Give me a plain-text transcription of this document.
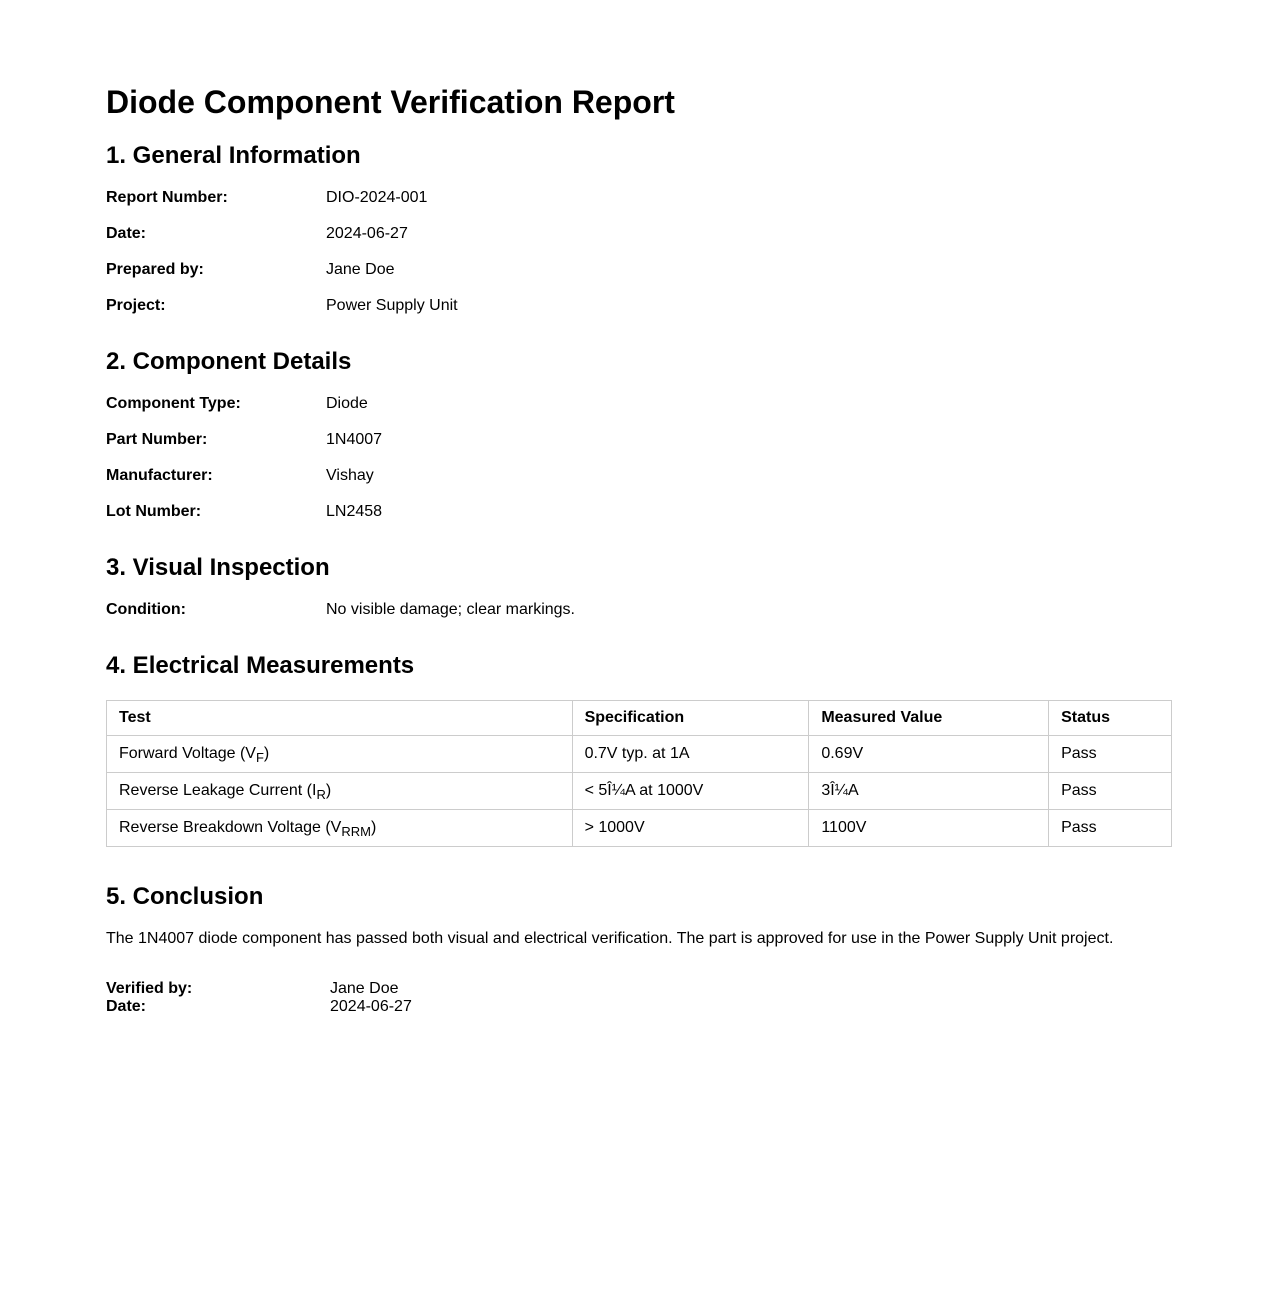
Diode Component Verification Report
1. General Information
Report Number:	DIO-2024-001
Date:	2024-06-27
Prepared by:	Jane Doe
Project:	Power Supply Unit
2. Component Details
Component Type:	Diode
Part Number:	1N4007
Manufacturer:	Vishay
Lot Number:	LN2458
3. Visual Inspection
Condition:	No visible damage; clear markings.
4. Electrical Measurements
Test	Specification	Measured Value	Status
Forward Voltage $(V_F)$	0.7V typ. at 1A	0.69V	Pass
Reverse Leakage Current $(I_R)$	< 5Î¼A at 1000V	3Î¼A	Pass
Reverse Breakdown Voltage $(V_{RRM})$	> 1000V	1100V	Pass
5. Conclusion
The 1N4007 diode component has passed both visual and electrical verification. The part is approved for use in the Power Supply Unit project.
Verified by:	Jane Doe
Date:	2024-06-27
